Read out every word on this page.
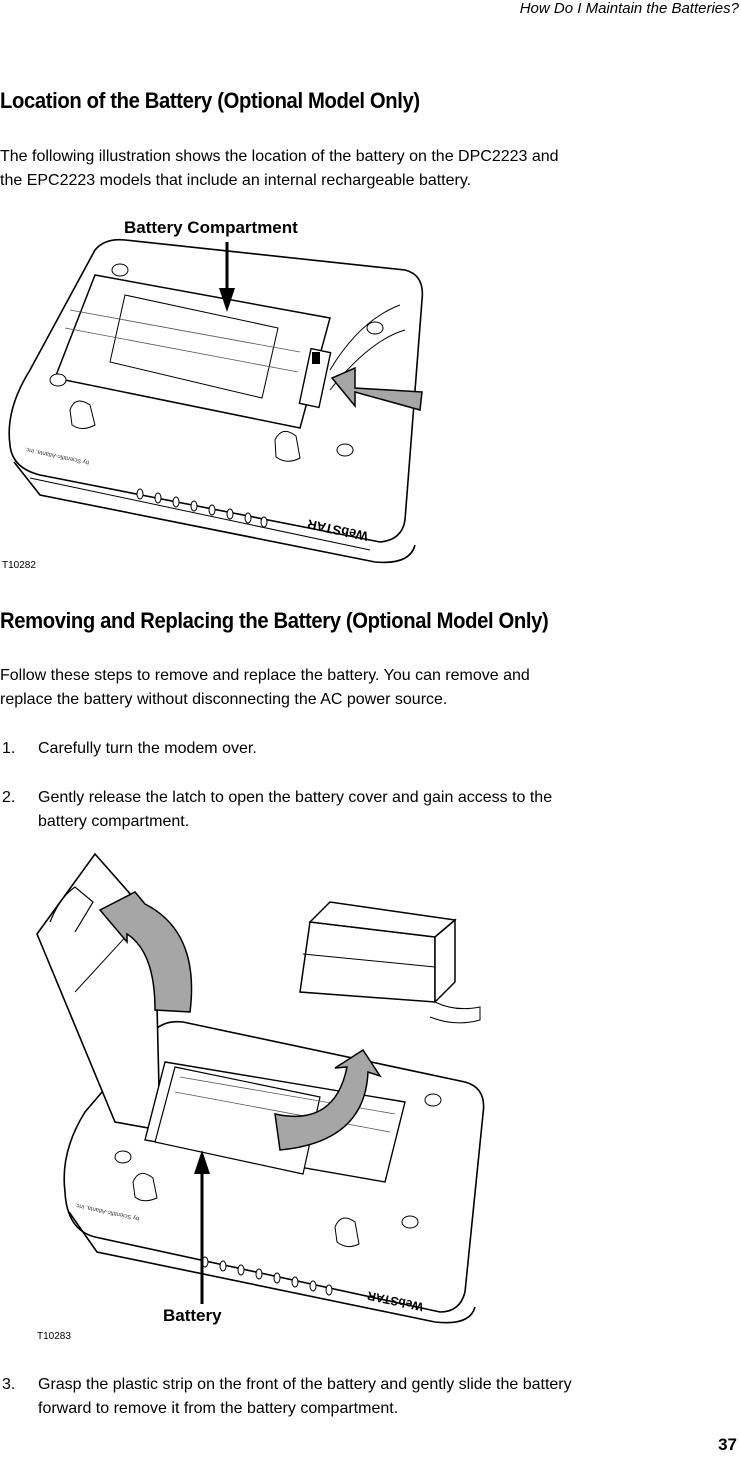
How Do I Maintain the Batteries?
Location of the Battery (Optional Model Only)
The following illustration shows the location of the battery on the DPC2223 and
the EPC2223 models that include an internal rechargeable battery.
WebSTAR
by Scientific-Atlanta, Inc.
Battery Compartment
T10282
Removing and Replacing the Battery (Optional Model Only)
Follow these steps to remove and replace the battery. You can remove and
replace the battery without disconnecting the AC power source.
1. Carefully turn the modem over.
2. Gently release the latch to open the battery cover and gain access to the
battery compartment.
WebSTAR
by Scientific-Atlanta, Inc.
Battery
T10283
3. Grasp the plastic strip on the front of the battery and gently slide the battery
forward to remove it from the battery compartment.
37
